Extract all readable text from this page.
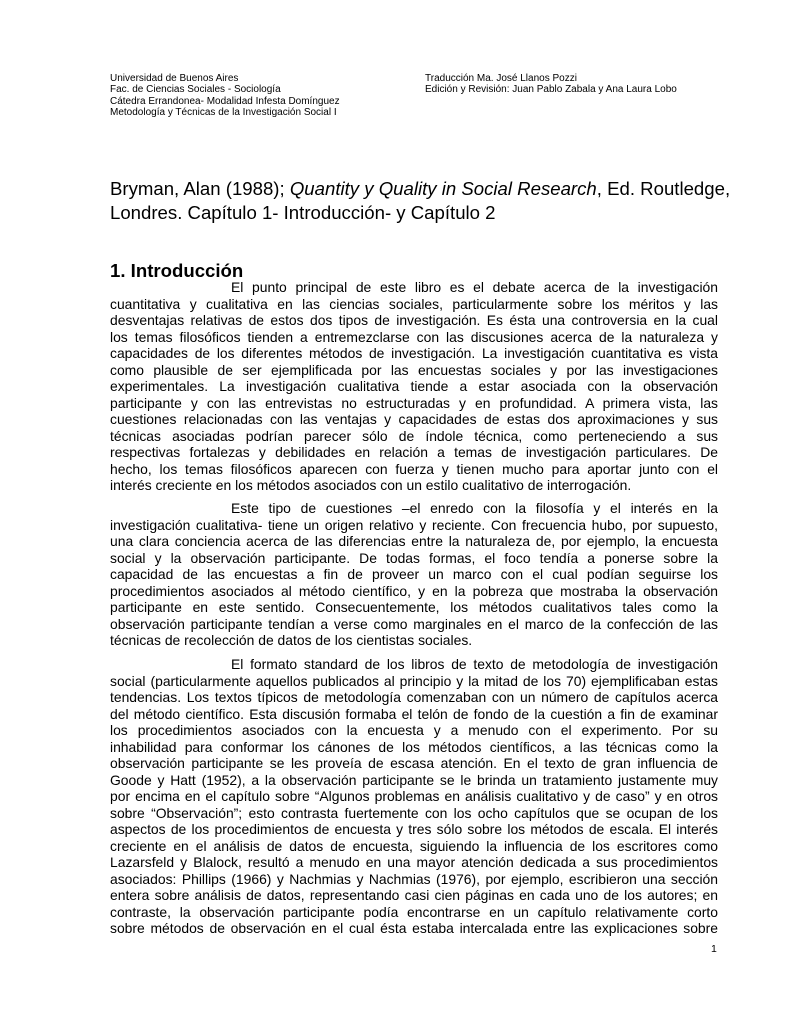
Universidad de Buenos Aires
Fac. de Ciencias Sociales - Sociología
Cátedra Errandonea- Modalidad Infesta Domínguez
Metodología y Técnicas de la Investigación Social I
Traducción Ma. José Llanos Pozzi
Edición y Revisión: Juan Pablo Zabala y Ana Laura Lobo
Bryman, Alan (1988); Quantity y Quality in Social Research, Ed. Routledge,
Londres. Capítulo 1- Introducción- y Capítulo 2
1. Introducción
El punto principal de este libro es el debate acerca de la investigación
cuantitativa y cualitativa en las ciencias sociales, particularmente sobre los méritos y las
desventajas relativas de estos dos tipos de investigación. Es ésta una controversia en la cual
los temas filosóficos tienden a entremezclarse con las discusiones acerca de la naturaleza y
capacidades de los diferentes métodos de investigación. La investigación cuantitativa es vista
como plausible de ser ejemplificada por las encuestas sociales y por las investigaciones
experimentales. La investigación cualitativa tiende a estar asociada con la observación
participante y con las entrevistas no estructuradas y en profundidad. A primera vista, las
cuestiones relacionadas con las ventajas y capacidades de estas dos aproximaciones y sus
técnicas asociadas podrían parecer sólo de índole técnica, como perteneciendo a sus
respectivas fortalezas y debilidades en relación a temas de investigación particulares. De
hecho, los temas filosóficos aparecen con fuerza y tienen mucho para aportar junto con el
interés creciente en los métodos asociados con un estilo cualitativo de interrogación.
Este tipo de cuestiones –el enredo con la filosofía y el interés en la
investigación cualitativa- tiene un origen relativo y reciente. Con frecuencia hubo, por supuesto,
una clara conciencia acerca de las diferencias entre la naturaleza de, por ejemplo, la encuesta
social y la observación participante. De todas formas, el foco tendía a ponerse sobre la
capacidad de las encuestas a fin de proveer un marco con el cual podían seguirse los
procedimientos asociados al método científico, y en la pobreza que mostraba la observación
participante en este sentido. Consecuentemente, los métodos cualitativos tales como la
observación participante tendían a verse como marginales en el marco de la confección de las
técnicas de recolección de datos de los cientistas sociales.
El formato standard de los libros de texto de metodología de investigación
social (particularmente aquellos publicados al principio y la mitad de los 70) ejemplificaban estas
tendencias. Los textos típicos de metodología comenzaban con un número de capítulos acerca
del método científico. Esta discusión formaba el telón de fondo de la cuestión a fin de examinar
los procedimientos asociados con la encuesta y a menudo con el experimento. Por su
inhabilidad para conformar los cánones de los métodos científicos, a las técnicas como la
observación participante se les proveía de escasa atención. En el texto de gran influencia de
Goode y Hatt (1952), a la observación participante se le brinda un tratamiento justamente muy
por encima en el capítulo sobre “Algunos problemas en análisis cualitativo y de caso” y en otros
sobre “Observación”; esto contrasta fuertemente con los ocho capítulos que se ocupan de los
aspectos de los procedimientos de encuesta y tres sólo sobre los métodos de escala. El interés
creciente en el análisis de datos de encuesta, siguiendo la influencia de los escritores como
Lazarsfeld y Blalock, resultó a menudo en una mayor atención dedicada a sus procedimientos
asociados: Phillips (1966) y Nachmias y Nachmias (1976), por ejemplo, escribieron una sección
entera sobre análisis de datos, representando casi cien páginas en cada uno de los autores; en
contraste, la observación participante podía encontrarse en un capítulo relativamente corto
sobre métodos de observación en el cual ésta estaba intercalada entre las explicaciones sobre
1
